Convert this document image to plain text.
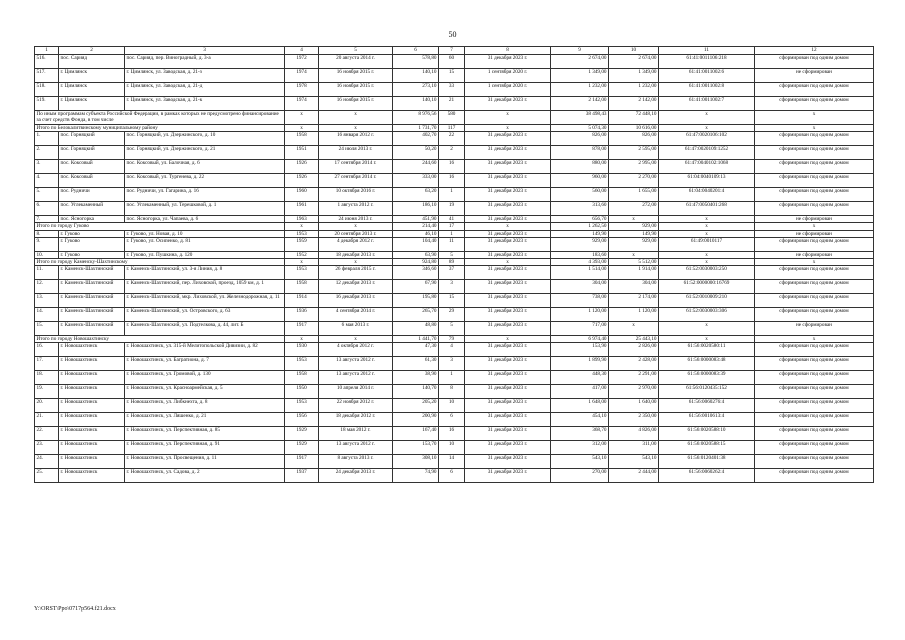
50
1	2	3	4	5	6	7	8	9	10	11	12
516.	пос. Сарияд	пос. Сарияд, пер. Виноградный, д. 3-а	1972	20 августа 2014 г.	578,80	60	31 декабря 2023 г.	2 674,00	2 674,00	61:41:0011106:218	сформирован под одним домом
517.	г. Цимлянск	г. Цимлянск, ул. Заводская, д. 21-з	1974	16 ноября 2015 г.	140,10	15	1 сентября 2020 г.	1 349,00	1 349,00	61:41:0011002:6	не сформирован
518.	г. Цимлянск	г. Цимлянск, ул. Заводская, д. 21-д	1978	16 ноября 2015 г.	273,10	33	1 сентября 2020 г.	1 232,00	1 232,00	61:41:0011002:8	сформирован под одним домом
519.	г. Цимлянск	г. Цимлянск, ул. Заводская, д. 21-к	1974	16 ноября 2015 г.	140,10	21	31 декабря 2023 г.	2 142,00	2 142,00	61:41:0011002:7	сформирован под одним домом
По иным программам субъекта Российской Федерации, в рамках которых не предусмотрено финансирование за счет средств Фонда, в том числе			x	x	8 976,56	580	x	38 498,43	72 448,10	x	x
Итого по Белокалитвинскому муниципальному району			x	x	1 731,70	117	x	5 074,30	10 616,00	x	x
1.	пос. Горняцкий	пос. Горняцкий, ул. Дзержинского, д. 10	1958	16 января 2012 г.	402,70	22	31 декабря 2023 г.	826,00	826,00	61:47:0020106:102	сформирован под одним домом
2.	пос. Горняцкий	пос. Горняцкий, ул. Дзержинского, д. 21	1951	24 июля 2013 г.	50,20	2	31 декабря 2023 г.	878,00	2 595,00	61:47:0020109:1252	сформирован под одним домом
3.	пос. Коксовый	пос. Коксовый, ул. Балочная, д. 6	1926	17 сентября 2014 г.	244,60	16	31 декабря 2023 г.	880,00	2 995,00	61:47:0040102:1068	сформирован под одним домом
4.	пос. Коксовый	пос. Коксовый, ул. Тургенева, д. 22	1926	27 сентября 2014 г.	333,00	16	31 декабря 2023 г.	960,00	2 270,00	61:04:0040109:13	сформирован под одним домом
5.	пос. Рудничи	пос. Рудничи, ул. Гагарина, д. 16	1960	10 октября 2016 г.	63,20	1	31 декабря 2023 г.	560,00	1 655,00	61:04:0040201:4	сформирован под одним домом
6.	пос. Углекаменный	пос. Углекаменный, ул. Терешковой, д. 1	1961	1 августа 2012 г.	186,10	19	31 декабря 2023 г.	313,60	272,00	61:47:0050401:268	сформирован под одним домом
7.	пос. Ясногорка	пос. Ясногорка, ул. Чапаева, д. 6	1963	24 июня 2013 г.	451,90	41	31 декабря 2023 г.	656,70	x	x	не сформирован
Итого по городу Гуково			x	x	214,40	17	x	1 262,50	929,00	x	x
8.	г. Гуково	г. Гуково, ул. Новая, д. 10	1953	20 сентября 2013 г.	46,10	1	31 декабря 2023 г.	149,90	149,90	x	не сформирован
9.	г. Гуково	г. Гуково, ул. Осипенко, д. 81	1959	4 декабря 2012 г.	104,40	11	31 декабря 2023 г.	929,00	929,00	61:49:0010117	сформирован под одним домом
10.	г. Гуково	г. Гуково, ул. Пушкина, д. 120	1952	18 декабря 2013 г.	63,90	5	31 декабря 2023 г.	183,60	x	x	не сформирован
Итого по городу Каменску-Шахтинскому			x	x	924,80	89	x	4 393,00	5 512,00	x	x
11.	г. Каменск-Шахтинский	г. Каменск-Шахтинский, ул. 3-я Линия, д. 8	1953	26 февраля 2015 г.	346,60	37	31 декабря 2023 г.	1 514,00	1 914,00	61:52:0030003:250	сформирован под одним домом
12.	г. Каменск-Шахтинский	г. Каменск-Шахтинский, пер. Лиховской, проезд, 1059 км, д. 1	1958	12 декабря 2013 г.	67,90	3	31 декабря 2023 г.	304,00	304,00	61:52:0000000:16769	сформирован под одним домом
13.	г. Каменск-Шахтинский	г. Каменск-Шахтинский, мкр. Лиховской, ул. Железнодорожная, д. 11	1914	16 декабря 2013 г.	195,80	15	31 декабря 2023 г.	738,00	2 174,00	61:52:0010009:210	сформирован под одним домом
14.	г. Каменск-Шахтинский	г. Каменск-Шахтинский, ул. Островского, д. 63	1936	4 сентября 2014 г.	265,70	29	31 декабря 2023 г.	1 120,00	1 120,00	61:52:0030003:306	сформирован под одним домом
15.	г. Каменск-Шахтинский	г. Каменск-Шахтинский, ул. Подтелкова, д. 44, лит. Б	1917	6 мая 2013 г.	48,80	5	31 декабря 2023 г.	717,00	x	x	не сформирован
Итого по городу Новошахтинску			x	x	1 441,70	79	x	6 974,40	25 443,10	x	x
16.	г. Новошахтинск	г. Новошахтинск, ул. 315-й Мелитопольской Дивизии, д. 82	1930	4 октября 2012 г.	47,30	4	31 декабря 2023 г.	153,90	2 826,00	61:56:0020580:11	сформирован под одним домом
17.	г. Новошахтинск	г. Новошахтинск, ул. Багратиона, д. 7	1953	13 августа 2012 г.	61,30	3	31 декабря 2023 г.	1 899,90	2 428,00	61:56:0000083:48	сформирован под одним домом
18.	г. Новошахтинск	г. Новошахтинск, ул. Громовой, д. 130	1958	13 августа 2012 г.	38,90	1	31 декабря 2023 г.	448,30	2 291,00	61:56:0000083:39	сформирован под одним домом
19.	г. Новошахтинск	г. Новошахтинск, ул. Красноармейская, д. 5	1950	10 апреля 2014 г.	140,70	8	31 декабря 2023 г.	417,00	2 970,00	61:56:0120435:152	сформирован под одним домом
20.	г. Новошахтинск	г. Новошахтинск, ул. Либкнехта, д. 8	1953	22 ноября 2012 г.	205,20	10	31 декабря 2023 г.	1 648,00	1 640,00	61:56:0060276:4	сформирован под одним домом
21.	г. Новошахтинск	г. Новошахтинск, ул. Ляшенко, д. 21	1956	18 декабря 2012 г.	200,90	6	31 декабря 2023 г.	454,10	2 350,00	61:56:0010613:4	сформирован под одним домом
22.	г. Новошахтинск	г. Новошахтинск, ул. Перспективная, д. 85	1929	18 мая 2012 г.	167,40	16	31 декабря 2023 г.	368,70	4 826,00	61:56:0020588:10	сформирован под одним домом
23.	г. Новошахтинск	г. Новошахтинск, ул. Перспективная, д. 91	1929	13 августа 2012 г.	153,70	10	31 декабря 2023 г.	312,00	311,00	61:56:0020588:15	сформирован под одним домом
24.	г. Новошахтинск	г. Новошахтинск, ул. Просвещения, д. 11	1917	8 августа 2013 г.	308,10	14	31 декабря 2023 г.	543,10	543,10	61:56:0120401:38	сформирован под одним домом
25.	г. Новошахтинск	г. Новошахтинск, ул. Садова, д. 2	1937	24 декабря 2013 г.	74,90	6	31 декабря 2023 г.	270,00	2 444,00	61:56:0060262:4	сформирован под одним домом
Y:\ORST\Ppo\0717p564.f21.docx
